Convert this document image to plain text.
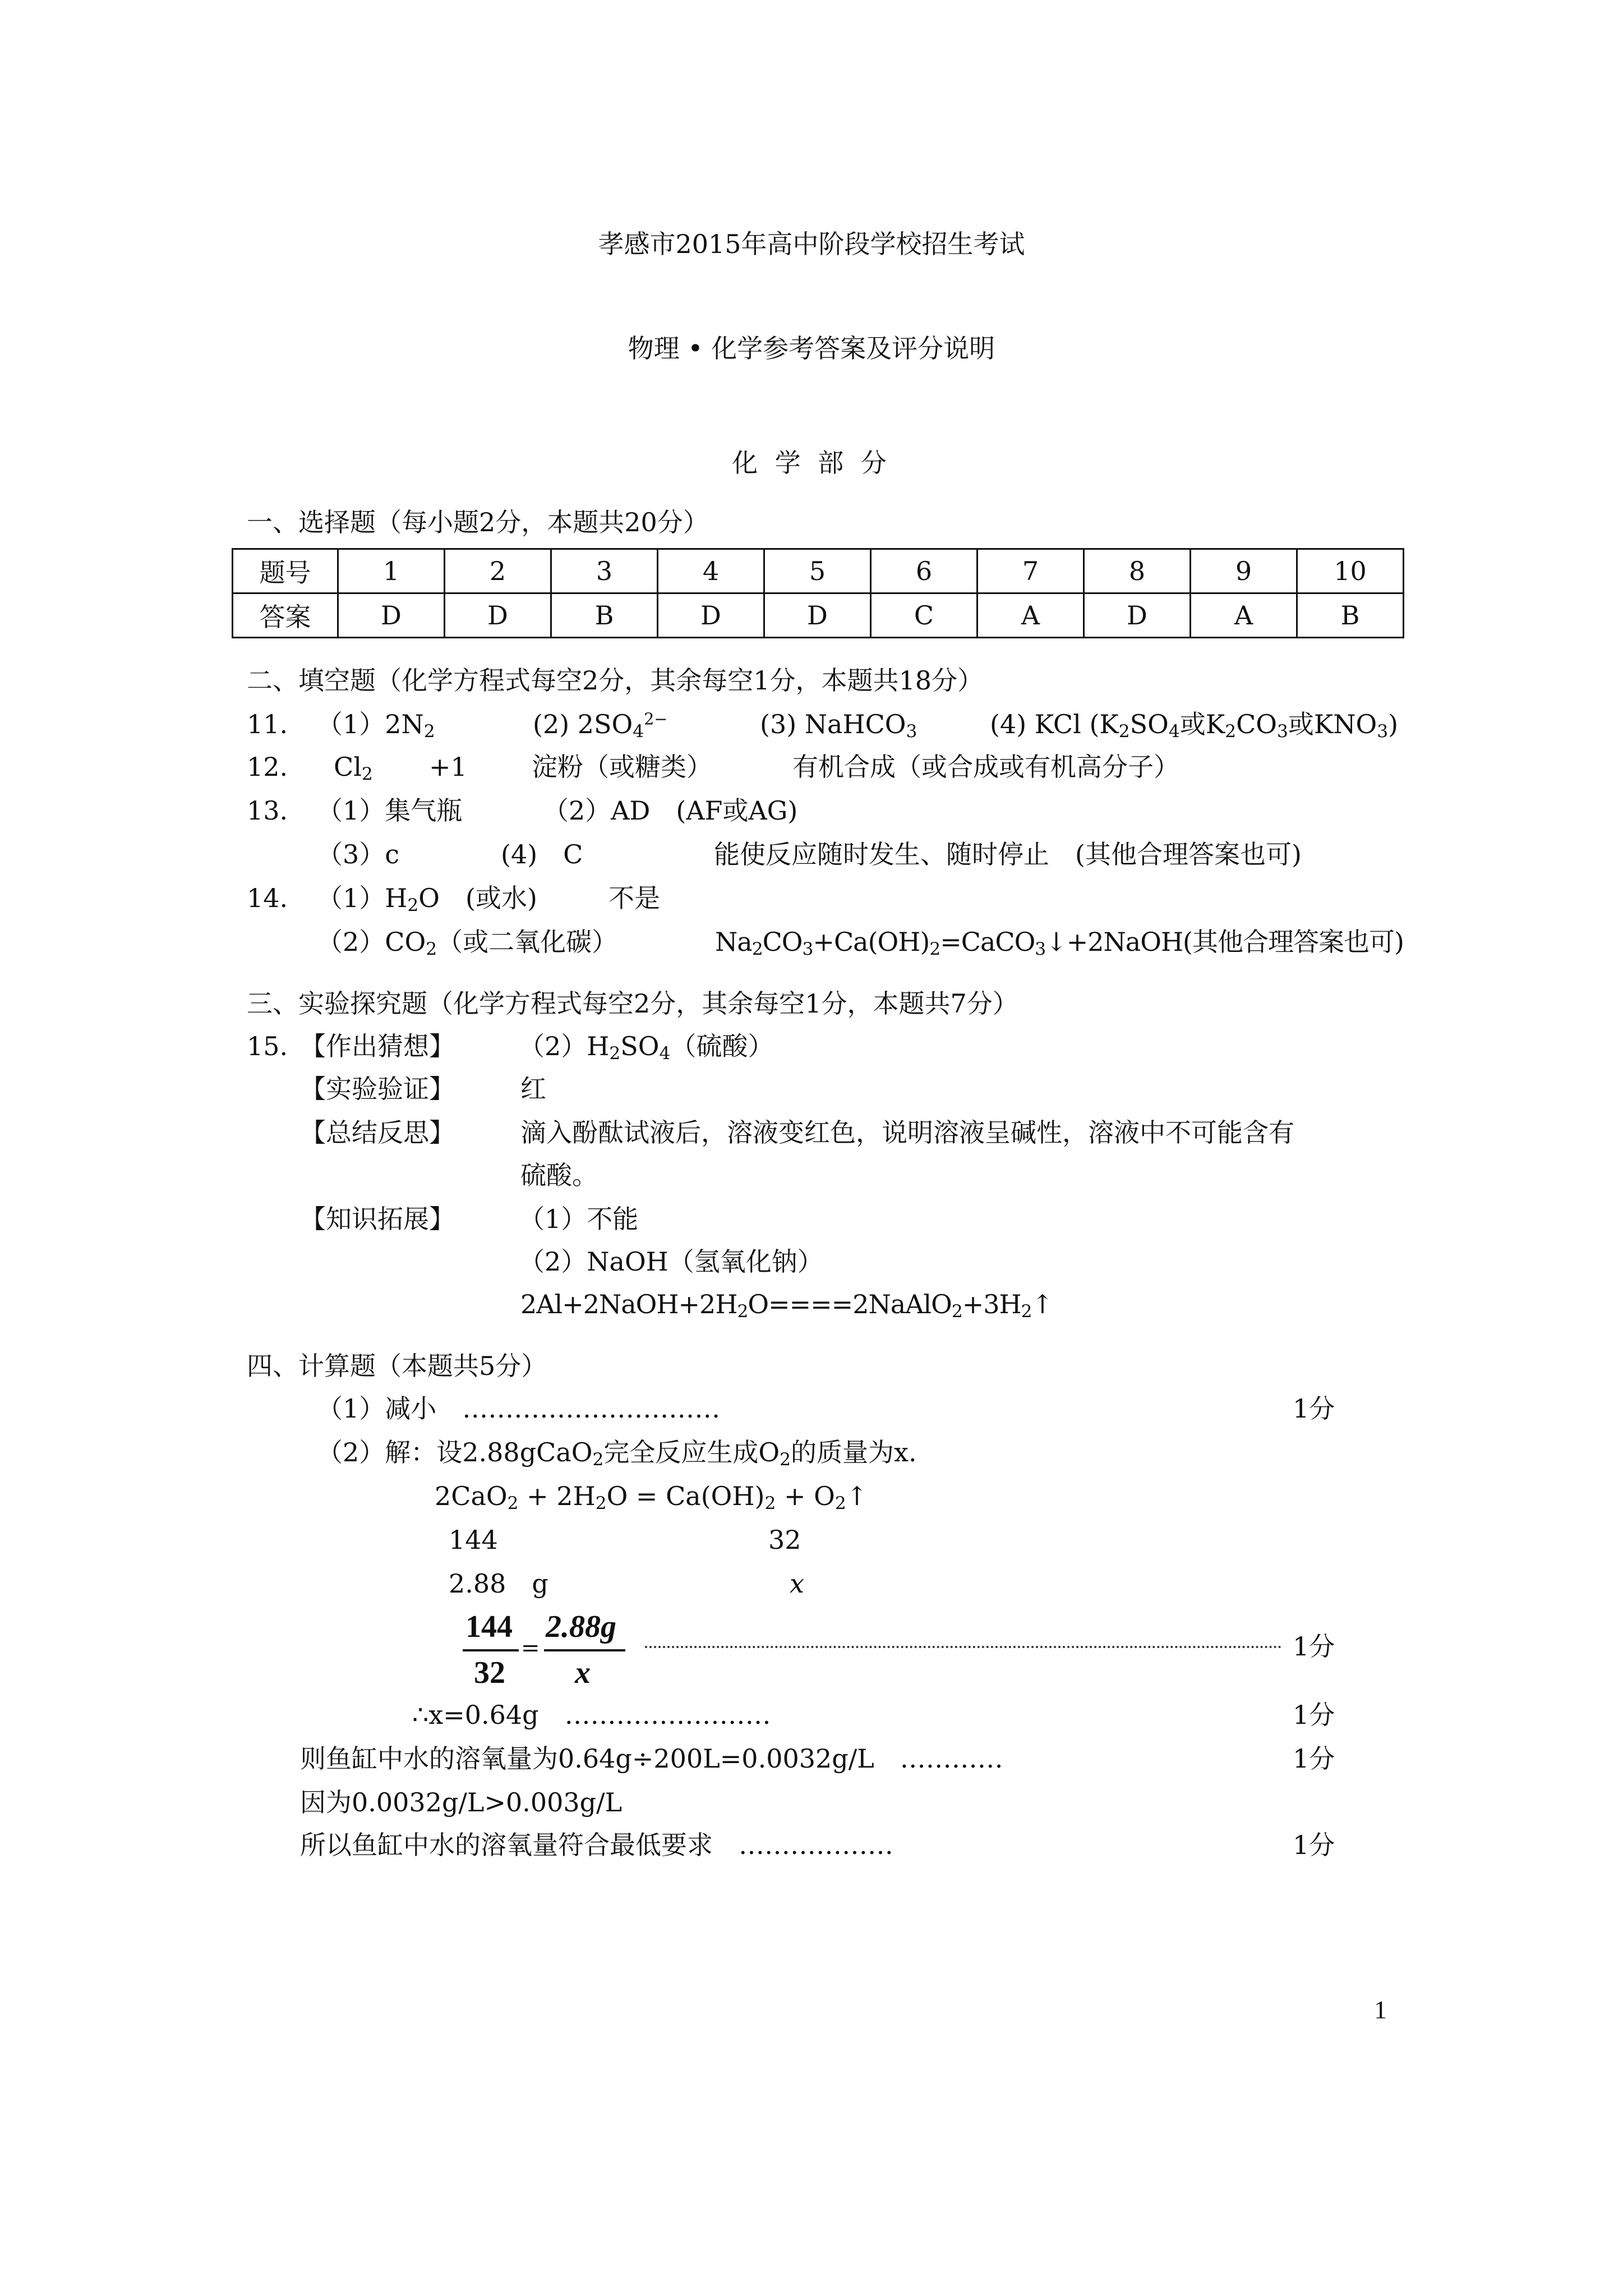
孝感市2015年高中阶段学校招生考试
物理 • 化学参考答案及评分说明
化 学 部 分
一、选择题（每小题2分，本题共20分）
题号	1	2	3	4	5	6	7	8	9	10
答案	D	D	B	D	D	C	A	D	A	B
二、填空题（化学方程式每空2分，其余每空1分，本题共18分）
11. $(1)2N_2$	(2) $2SO_4^{2-}$	(3) NaHCO$_3$	(4) KCl ($K_2SO_4$或$K_2CO_3$或$KNO_3$)
12. $Cl_2 +1$	淀粉（或糖类）	有机合成（或合成或有机高分子）
13. （1）集气瓶	（2）AD　(AF或AG)
（3）c	(4)　C	能使反应随时发生、随时停止　(其他合理答案也可)
14. $(1)H_2O$　(或水)	不是
$(2)CO_2$（或二氧化碳）	$Na_2CO_3+Ca(OH)_2=CaCO_3↓+2NaOH$(其他合理答案也可)
三、实验探究题（化学方程式每空2分，其余每空1分，本题共7分）
15. 【作出猜想】 $(2)H_2SO_4$（硫酸）
【实验验证】	红
【总结反思】	滴入酚酞试液后，溶液变红色，说明溶液呈碱性，溶液中不可能含有
硫酸。
【知识拓展】 （1）不能
（2）NaOH（氢氧化钠）
$2Al+2NaOH+2H_2O====2NaAlO_2+3H_2↑$
四、计算题（本题共5分）
（1）减小　…………………………	1分
（2）解：设2.88gCaO$_2$完全反应生成$O_2$的质量为x.
$2CaO_2 + 2H_2O = Ca(OH)_2$ + $O_2↑$
144	32
2.88　g	x
144
32
=
2.88g
x
1分
∴x=0.64g　……………………	1分
则鱼缸中水的溶氧量为0.64g÷200L=0.0032g/L　…………	1分
因为0.0032g/L>0.003g/L
所以鱼缸中水的溶氧量符合最低要求　………………	1分
1
